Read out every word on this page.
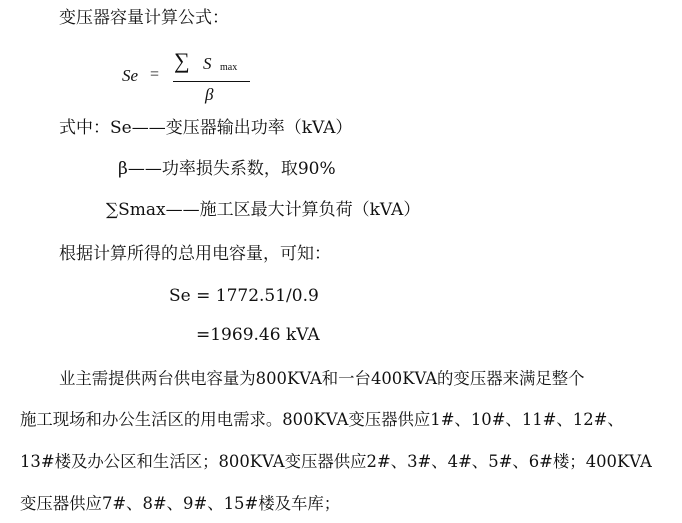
变压器容量计算公式：
Se =
∑ S max
β
式中：Se——变压器输出功率（kVA）
β——功率损失系数，取90%
∑Smax——施工区最大计算负荷（kVA）
根据计算所得的总用电容量，可知：
Se = 1772.51/0.9
=1969.46 kVA
业主需提供两台供电容量为800KVA和一台400KVA的变压器来满足整个
施工现场和办公生活区的用电需求。800KVA变压器供应1#、10#、11#、12#、
13#楼及办公区和生活区；800KVA变压器供应2#、3#、4#、5#、6#楼；400KVA
变压器供应7#、8#、9#、15#楼及车库；
